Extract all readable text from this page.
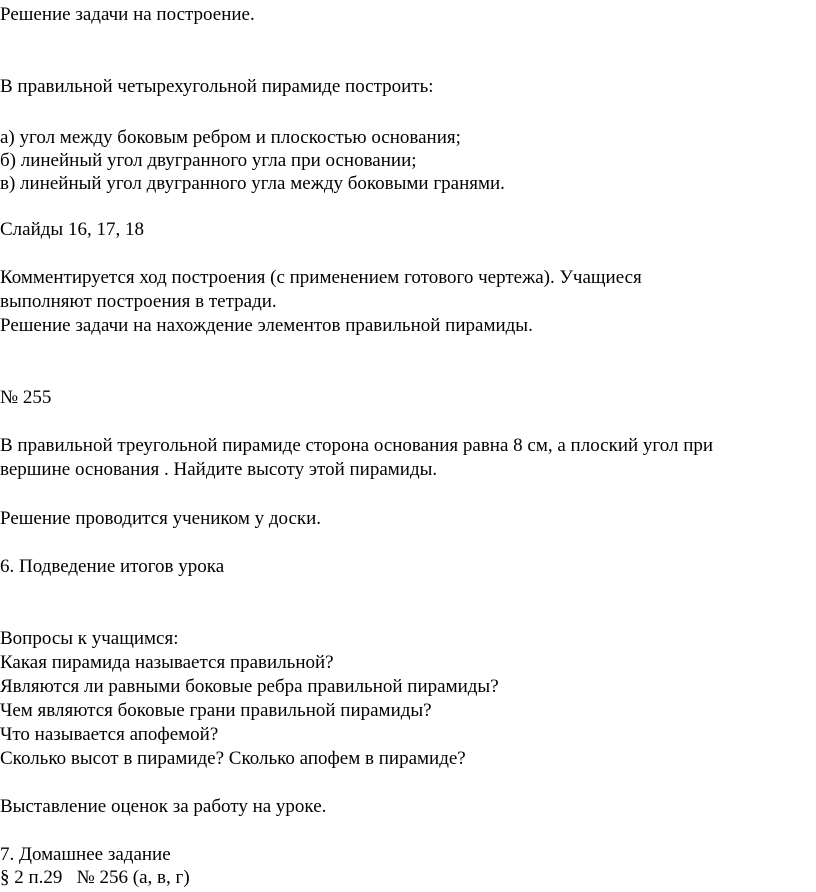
Решение задачи на построение.

В правильной четырехугольной пирамиде построить:

а) угол между боковым ребром и плоскостью основания;

б) линейный угол двугранного угла при основании;

в) линейный угол двугранного угла между боковыми гранями.

Слайды 16, 17, 18

Комментируется ход построения (с применением готового чертежа). Учащиеся

выполняют построения в тетради.

Решение задачи на нахождение элементов правильной пирамиды.

№ 255

В правильной треугольной пирамиде сторона основания равна 8 см, а плоский угол при

вершине основания . Найдите высоту этой пирамиды.

Решение проводится учеником у доски.

6. Подведение итогов урока

Вопросы к учащимся:

Какая пирамида называется правильной?

Являются ли равными боковые ребра правильной пирамиды?

Чем являются боковые грани правильной пирамиды?

Что называется апофемой?

Сколько высот в пирамиде? Сколько апофем в пирамиде?

Выставление оценок за работу на уроке.

7. Домашнее задание

§ 2 п.29   № 256 (а, в, г)
